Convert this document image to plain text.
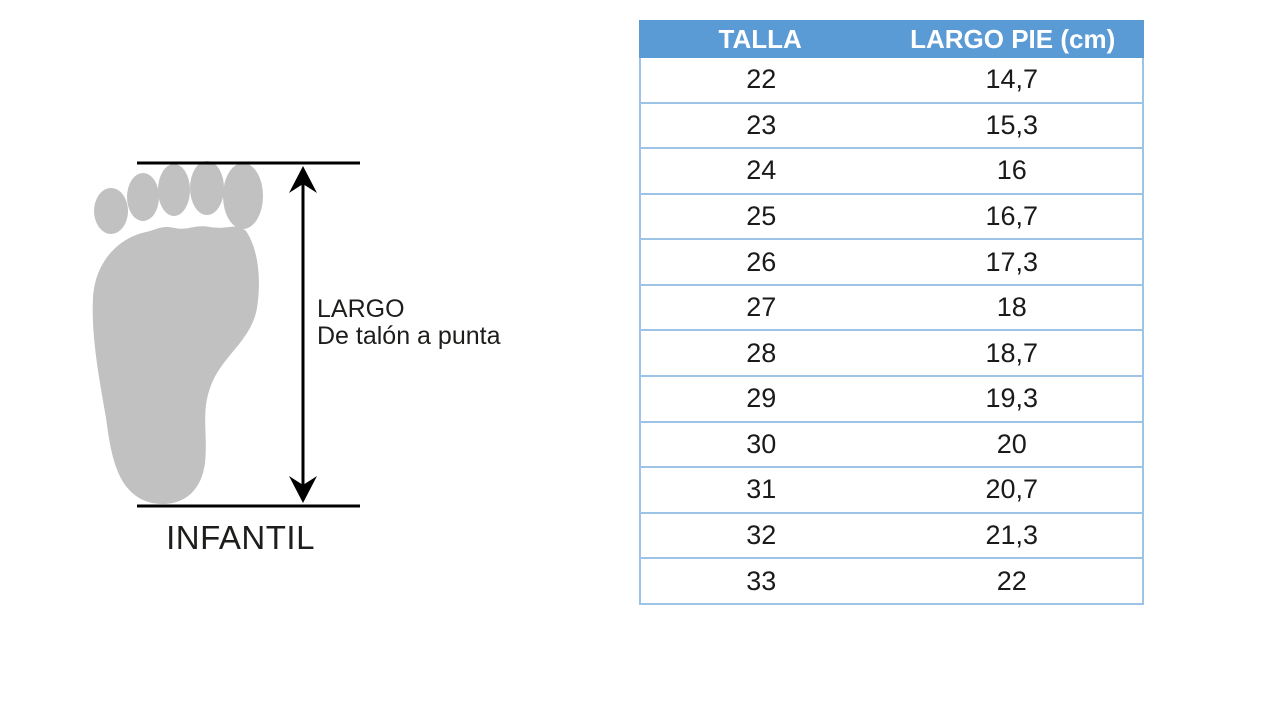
LARGO
De talón a punta
INFANTIL
TALLA	LARGO PIE (cm)
22	14,7
23	15,3
24	16
25	16,7
26	17,3
27	18
28	18,7
29	19,3
30	20
31	20,7
32	21,3
33	22
